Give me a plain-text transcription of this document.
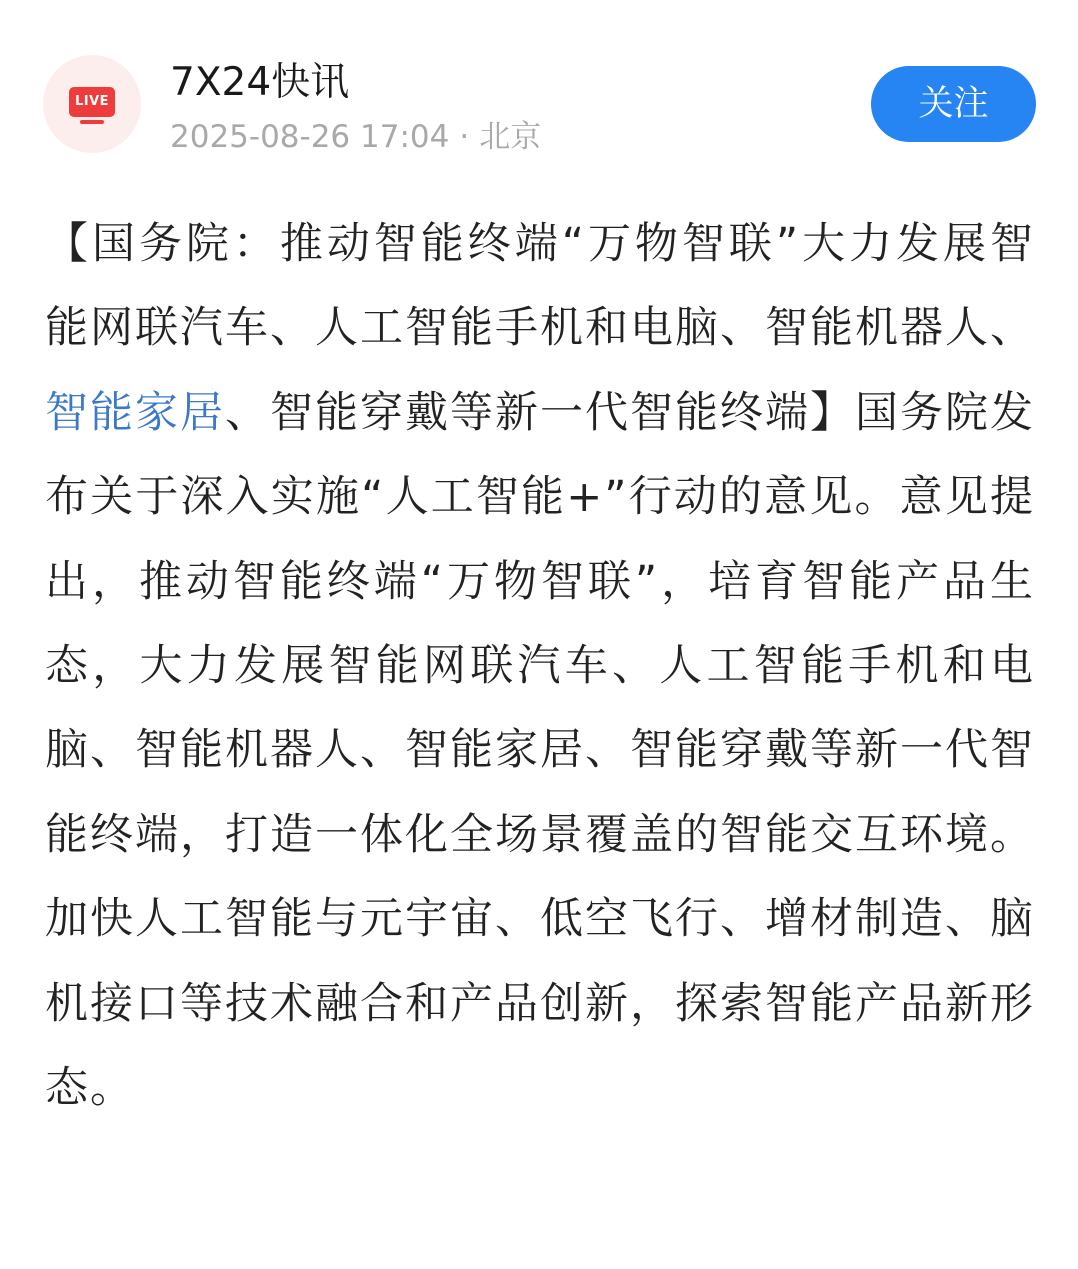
LIVE 7X24快讯
2025-08-26 17:04 · 北京
关注
【国务院：推动智能终端“万物智联”大力发展智能网联汽车、人工智能手机和电脑、智能机器人、智能家居、智能穿戴等新一代智能终端】国务院发布关于深入实施“人工智能+”行动的意见。意见提出，推动智能终端“万物智联”，培育智能产品生态，大力发展智能网联汽车、人工智能手机和电脑、智能机器人、智能家居、智能穿戴等新一代智能终端，打造一体化全场景覆盖的智能交互环境。加快人工智能与元宇宙、低空飞行、增材制造、脑机接口等技术融合和产品创新，探索智能产品新形态。
